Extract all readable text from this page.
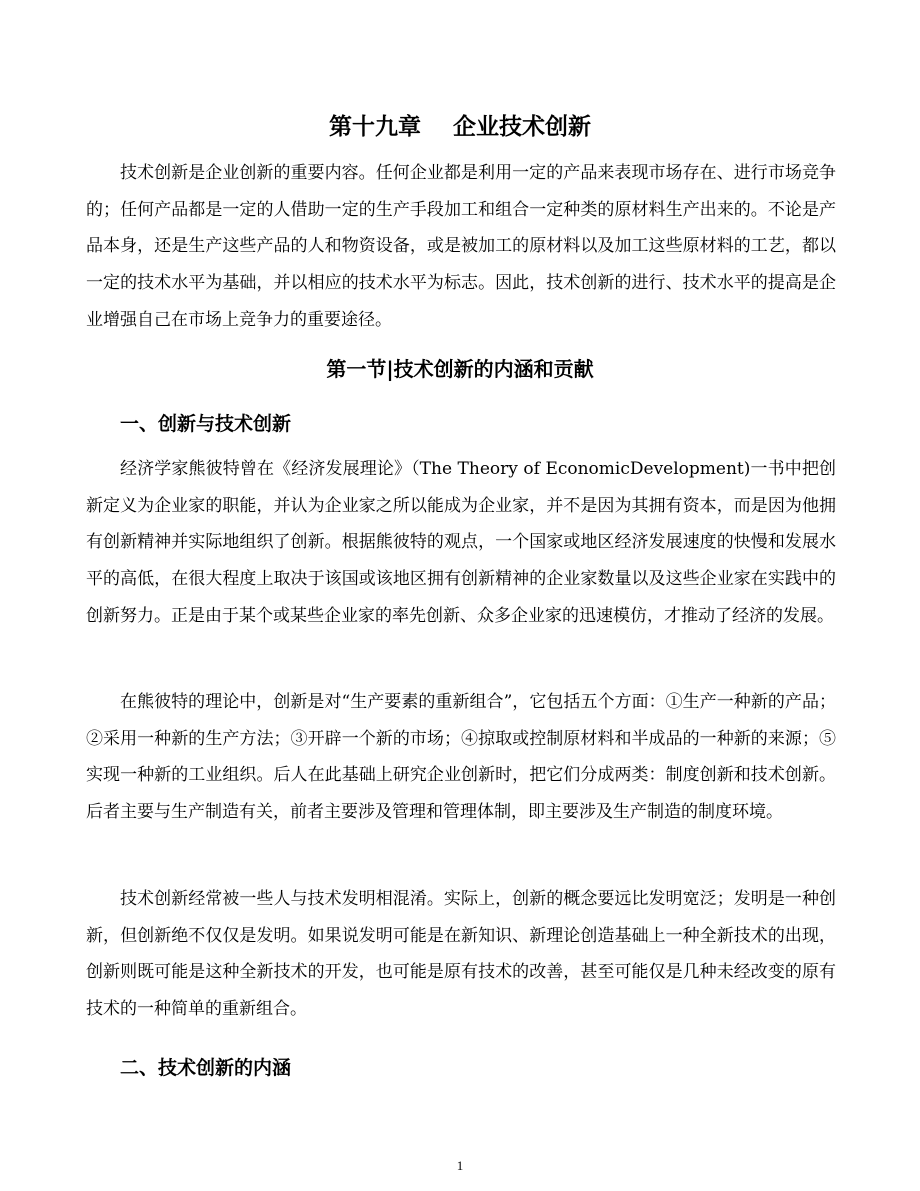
第十九章    企业技术创新

技术创新是企业创新的重要内容。任何企业都是利用一定的产品来表现市场存在、进行市场竞争的；任何产品都是一定的人借助一定的生产手段加工和组合一定种类的原材料生产出来的。不论是产品本身，还是生产这些产品的人和物资设备，或是被加工的原材料以及加工这些原材料的工艺，都以一定的技术水平为基础，并以相应的技术水平为标志。因此，技术创新的进行、技术水平的提高是企业增强自己在市场上竞争力的重要途径。

第一节|技术创新的内涵和贡献
一、创新与技术创新

经济学家熊彼特曾在《经济发展理论》（The Theory of EconomicDevelopment)一书中把创新定义为企业家的职能，并认为企业家之所以能成为企业家，并不是因为其拥有资本，而是因为他拥有创新精神并实际地组织了创新。根据熊彼特的观点，一个国家或地区经济发展速度的快慢和发展水平的高低，在很大程度上取决于该国或该地区拥有创新精神的企业家数量以及这些企业家在实践中的创新努力。正是由于某个或某些企业家的率先创新、众多企业家的迅速模仿，才推动了经济的发展。

在熊彼特的理论中，创新是对“生产要素的重新组合”，它包括五个方面：①生产一种新的产品；②采用一种新的生产方法；③开辟一个新的市场；④掠取或控制原材料和半成品的一种新的来源；⑤实现一种新的工业组织。后人在此基础上研究企业创新时，把它们分成两类：制度创新和技术创新。后者主要与生产制造有关，前者主要涉及管理和管理体制，即主要涉及生产制造的制度环境。

技术创新经常被一些人与技术发明相混淆。实际上，创新的概念要远比发明宽泛；发明是一种创新，但创新绝不仅仅是发明。如果说发明可能是在新知识、新理论创造基础上一种全新技术的出现，创新则既可能是这种全新技术的开发，也可能是原有技术的改善，甚至可能仅是几种未经改变的原有技术的一种简单的重新组合。

二、技术创新的内涵
1
